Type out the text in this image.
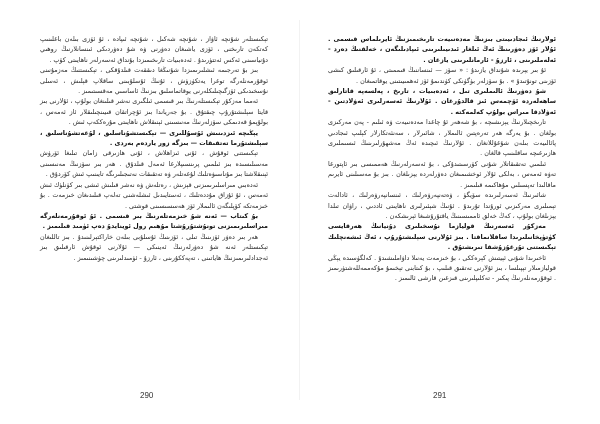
تېكىستلەر شۇنچە ئاۋاز ، شۇنچە شەكىل ، شۇنچە ئىپادە ، ئۇ ئۆزى بىلەن باغلىنىپ كەتكەن تارىخنى ، ئۆزى ياشىغان دەۋرنى ۋە شۇ دەۋردىكى ئىنسانلارنىڭ روھىي دۇنياسىنى ئەكس ئەتتۈرىدۇ . ئەدەبىيات تارىخىمىزدا بۇنداق ئەسەرلەر ناھايىتى كۆپ .

بىز بۇ تەرجىمە ئىشلىرىمىزدا شۇنىڭغا دىققەت قىلدۇقكى ، تېكىستنىڭ مەزمۇنىنى ئوقۇرمەنلەرگە توغرا يەتكۈزۈش ، ئۇنىڭ ئۇسلۇبىنى ساقلاپ قېلىش ، ئەسلى نۇسخىدىكى ئۆزگىچىلىكلەرنى يوقاتماسلىق بىزنىڭ ئاساسىي مەقسىتىمىز .

ئەمما مەزكۇر تېكىستلەرنىڭ بىر قىسمى ئىلگىرى نەشر قىلىنغان بولۇپ ، ئۇلارنى بىز قايتا سېلىشتۇرۇپ چىقتۇق . بۇ جەرياندا بىز ئۇچراتقان قىيىنچىلىقلار ئاز ئەمەس ، بولۇپمۇ قەدىمكى سۆزلەرنىڭ مەنىسىنى ئېنىقلاش ناھايىتى مۇرەككەپ ئىش .

يېڭىچە ئىزدىنىش ئۇسۇللىرى — تېكىستشۇناسلىق ، لۇغەتشۇناسلىق ، سېلىشتۇرما تەتقىقات — بىزگە زور ياردەم بەردى .

تېكىستنى ئوقۇش ، ئۇنى ئىزاھلاش ، ئۇنى ھازىرقى زامان تىلىغا ئۆرۈش مەسىلىسىدە بىز ئىلمىي پرىنسىپلارغا ئەمەل قىلدۇق . ھەر بىر سۆزنىڭ مەنىسىنى ئېنىقلاشتا بىز مۇناسىۋەتلىك لۇغەتلەر ۋە تەتقىقات نەتىجىلىرىگە تايىنىپ ئىش كۆردۇق .

ئەدەبىي مىراسلىرىمىزنى قېزىش ، رەتلەش ۋە نەشر قىلىش ئىشى بىر كۈنلۈك ئىش ئەمەس ، ئۇ ئۇزاق مۇددەتلىك ، ئەستايىدىل ئىشلەشنى تەلەپ قىلىدىغان خىزمەت . بۇ خىزمەتكە كۆپلىگەن ئالىملار ئۆز ھەسسىسىنى قوشتى .

بۇ كىتاب — ئەنە شۇ خىزمەتلەرنىڭ بىر قىسمى . ئۇ ئوقۇرمەنلەرگە مىراسلىرىمىزنى تونۇشتۇرۇشتا مۇھىم رول ئوينايدۇ دەپ ئۈمىد قىلىمىز .

ھەر بىر دەۋر ئۆزىنىڭ تىلى ، ئۆزىنىڭ ئۇسلۇبى بىلەن خاراكتېرلىنىدۇ . بىز تاللىغان تېكىستلەر ئەنە شۇ دەۋرلەرنىڭ ئەينىكى — ئۇلارنى ئوقۇش ئارقىلىق بىز ئەجدادلىرىمىزنىڭ ھاياتىنى ، تەپەككۇرىنى ، ئارزۇ - ئۈمىدلىرىنى چۈشىنىمىز .

ئولارنىڭ ئىجادىيىتى بىزنىڭ مەدەنىيەت تارىخىمىزنىڭ ئايرىلماس قىسمى . ئۇلار ئۆز دەۋرىنىڭ ئەڭ ئىلغار ئىدىيىلىرىنى ئىپادىلىگەن ، خەلقنىڭ دەرد - ئەلەملىرىنى ، ئارزۇ - ئارمانلىرىنى يازغان .

ئۇ بىر يېرىدە شۇنداق يازىدۇ : « سۆز — ئىنساننىڭ قىممىتى ، ئۇ ئارقىلىق كىشى ئۆزىنى تونۇتىدۇ » . بۇ سۆزلەر بۈگۈنكى كۈندىمۇ ئۆز ئەھمىيىتىنى يوقاتمىغان .

شۇ دەۋرنىڭ ئالىملىرى تىل ، ئەدەبىيات ، تارىخ ، پەلسەپە قاتارلىق ساھەلەردە ئۆچمەس ئىز قالدۇرغان . ئۇلارنىڭ ئەسەرلىرى ئەۋلادتىن - ئەۋلادقا مىراس بولۇپ كەلمەكتە .

تارىخچىلارنىڭ يېزىشىچە ، بۇ شەھەر ئۇ چاغدا مەدەنىيەت ۋە ئىلىم - پەن مەركىزى بولغان . بۇ يەرگە ھەر تەرەپتىن ئالىملار ، شائىرلار ، سەنئەتكارلار كېلىپ ئىجادىي پائالىيەت بىلەن شۇغۇللانغان . ئۇلارنىڭ ئىچىدە ئەڭ مەشھۇرلىرىنىڭ ئىسىملىرى ھازىرغىچە ساقلىنىپ قالغان .

ئىلمىي تەتقىقاتلار شۇنى كۆرسىتىدۇكى ، بۇ ئەسەرلەرنىڭ ھەممىسى بىر ئاپتورغا تەۋە ئەمەس ، بەلكى ئۇلار ئوخشىمىغان دەۋرلەردە يېزىلغان . بىز بۇ مەسىلىنى ئايرىم ماقالىدا تەپسىلىي مۇھاكىمە قىلىمىز .

شائىرنىڭ ئەسەرلىرىدە سۆيگۈ ، ۋەتەنپەرۋەرلىك ، ئىنسانپەرۋەرلىك ، ئادالەت تېمىلىرى مەركىزىي ئورۇندا تۇرىدۇ . ئۇنىڭ شېئىرلىرى ناھايىتى ئاددىي ، راۋان تىلدا يېزىلغان بولۇپ ، كەڭ خەلق ئاممىسىنىڭ ياقتۇرۇشىغا ئېرىشكەن .

مەزكۇر ئەسەرنىڭ قوليازما نۇسخىلىرى دۇنيانىڭ ھەرقايسى كۈتۈپخانىلىرىدا ساقلانماقتا . بىز ئۇلارنى سېلىشتۇرۇپ ، ئەڭ ئىشەنچلىك تېكىستنى تۇرغۇزۇشقا تىرىشتۇق .

ئاخىرىدا شۇنى ئېيتىش كېرەككى ، بۇ خىزمەت يەنىلا داۋاملىشىدۇ . كەلگۈسىدە يېڭى قوليازمىلار تېپىلسا ، بىز ئۇلارنى تەتقىق قىلىپ ، بۇ كىتابنى تېخىمۇ مۇكەممەللەشتۈرىمىز . ئوقۇرمەنلەرنىڭ پىكىر - تەكلىپلىرىنى قىزغىن قارشى ئالىمىز .

290	291
